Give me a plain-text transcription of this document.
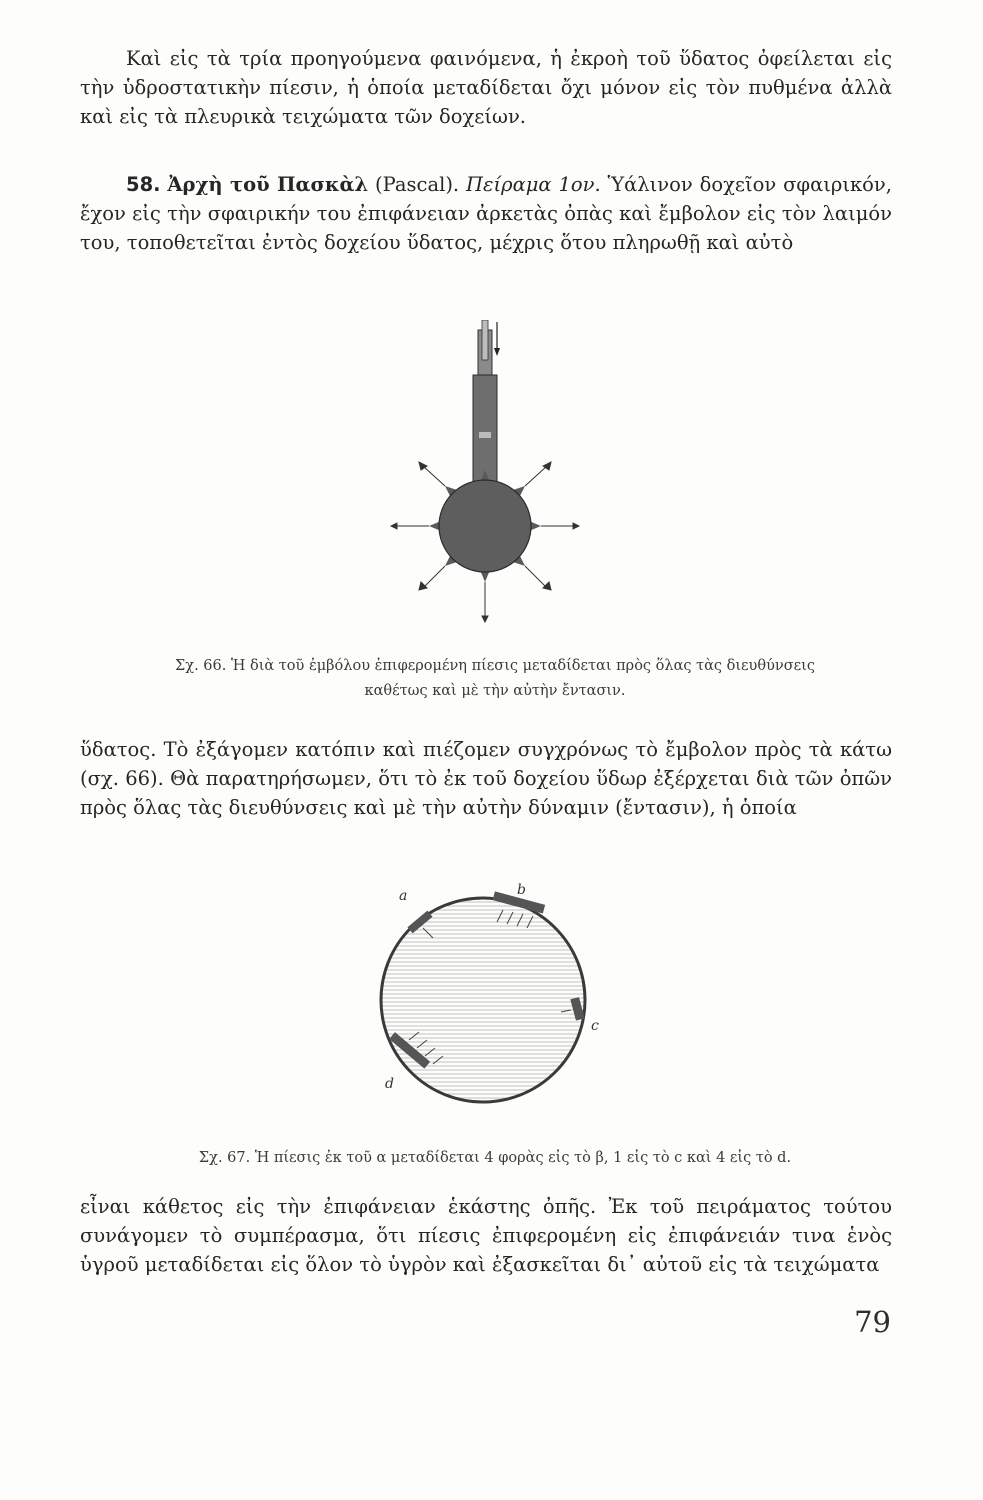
Καὶ εἰς τὰ τρία προηγούμενα φαινόμενα, ἡ ἐκροὴ τοῦ ὕδατος ὀφείλεται εἰς τὴν ὑδροστατικὴν πίεσιν, ἡ ὁποία μεταδίδεται ὄχι μόνον εἰς τὸν πυθμένα ἀλλὰ καὶ εἰς τὰ πλευρικὰ τειχώματα τῶν δοχείων.

58. Ἀρχὴ τοῦ Πασκὰλ (Pascal). Πείραμα 1ον. Ὑάλινον δοχεῖον σφαιρικόν, ἔχον εἰς τὴν σφαιρικήν του ἐπιφάνειαν ἀρκετὰς ὀπὰς καὶ ἔμβολον εἰς τὸν λαιμόν του, τοποθετεῖται ἐντὸς δοχείου ὕδατος, μέχρις ὅτου πληρωθῇ καὶ αὐτὸ

Σχ. 66. Ἡ διὰ τοῦ ἐμβόλου ἐπιφερομένη πίεσις μεταδίδεται πρὸς ὅλας τὰς διευθύνσεις καθέτως καὶ μὲ τὴν αὐτὴν ἔντασιν.

ὕδατος. Τὸ ἐξάγομεν κατόπιν καὶ πιέζομεν συγχρόνως τὸ ἔμβολον πρὸς τὰ κάτω (σχ. 66). Θὰ παρατηρήσωμεν, ὅτι τὸ ἐκ τοῦ δοχείου ὕδωρ ἐξέρχεται διὰ τῶν ὀπῶν πρὸς ὅλας τὰς διευθύνσεις καὶ μὲ τὴν αὐτὴν δύναμιν (ἔντασιν), ἡ ὁποία

a	b
c
d

Σχ. 67. Ἡ πίεσις ἐκ τοῦ α μεταδίδεται 4 φορὰς εἰς τὸ β, 1 εἰς τὸ c καὶ 4 εἰς τὸ d.

εἶναι κάθετος εἰς τὴν ἐπιφάνειαν ἑκάστης ὀπῆς. Ἐκ τοῦ πειράματος τούτου συνάγομεν τὸ συμπέρασμα, ὅτι πίεσις ἐπιφερομένη εἰς ἐπιφάνειάν τινα ἑνὸς ὑγροῦ μεταδίδεται εἰς ὅλον τὸ ὑγρὸν καὶ ἐξασκεῖται δι᾽ αὐτοῦ εἰς τὰ τειχώματα

79
